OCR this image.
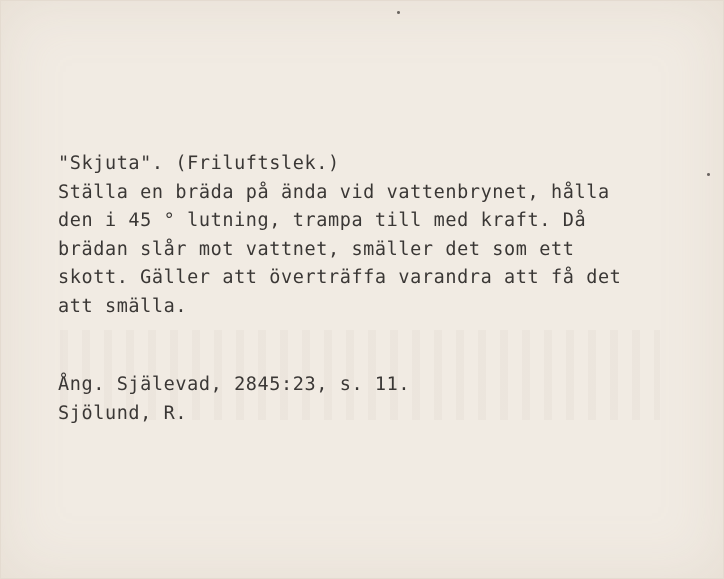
"Skjuta". (Friluftslek.)
Ställa en bräda på ända vid vattenbrynet, hålla
den i 45 ° lutning, trampa till med kraft. Då
brädan slår mot vattnet, smäller det som ett
skott. Gäller att överträffa varandra att få det
att smälla.
Ång. Själevad, 2845:23, s. 11.
Sjölund, R.
